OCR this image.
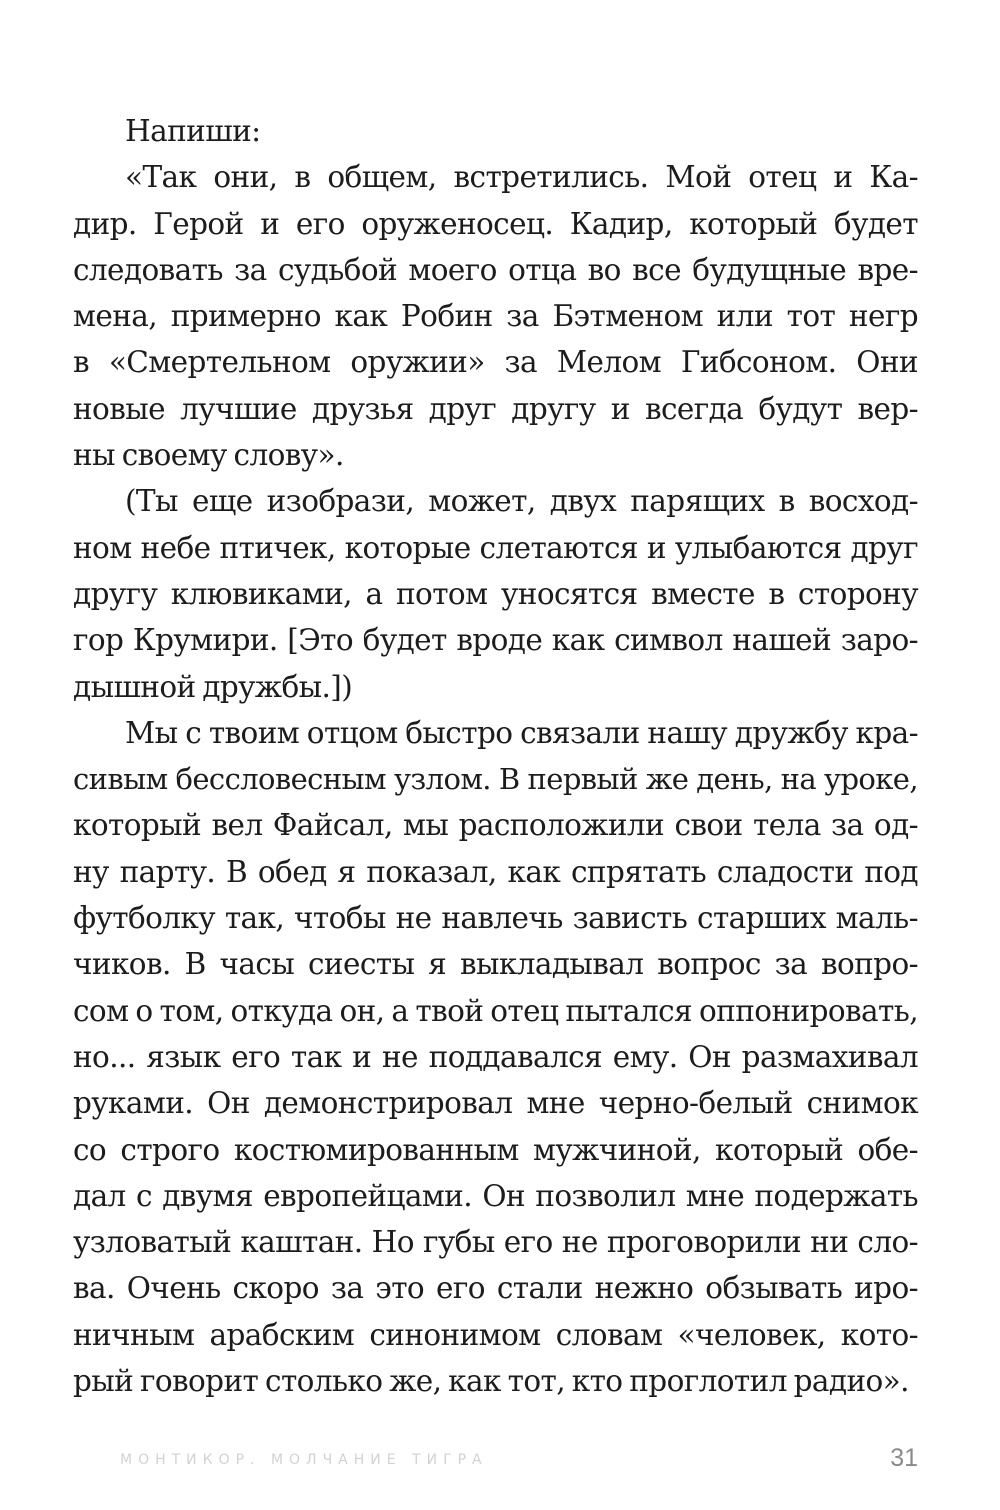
Напиши:
«Так они, в общем, встретились. Мой отец и Ка-
дир. Герой и его оруженосец. Кадир, который будет
следовать за судьбой моего отца во все будущные вре-
мена, примерно как Робин за Бэтменом или тот негр
в «Смертельном оружии» за Мелом Гибсоном. Они
новые лучшие друзья друг другу и всегда будут вер-
ны своему слову».
(Ты еще изобрази, может, двух парящих в восход-
ном небе птичек, которые слетаются и улыбаются друг
другу клювиками, а потом уносятся вместе в сторону
гор Крумири. [Это будет вроде как символ нашей заро-
дышной дружбы.])
Мы с твоим отцом быстро связали нашу дружбу кра-
сивым бессловесным узлом. В первый же день, на уроке,
который вел Файсал, мы расположили свои тела за од-
ну парту. В обед я показал, как спрятать сладости под
футболку так, чтобы не навлечь зависть старших маль-
чиков. В часы сиесты я выкладывал вопрос за вопро-
сом о том, откуда он, а твой отец пытался оппонировать,
но... язык его так и не поддавался ему. Он размахивал
руками. Он демонстрировал мне черно-белый снимок
со строго костюмированным мужчиной, который обе-
дал с двумя европейцами. Он позволил мне подержать
узловатый каштан. Но губы его не проговорили ни сло-
ва. Очень скоро за это его стали нежно обзывать иро-
ничным арабским синонимом словам «человек, кото-
рый говорит столько же, как тот, кто проглотил радио».
МОНТИКОР. МОЛЧАНИЕ ТИГРА	31
